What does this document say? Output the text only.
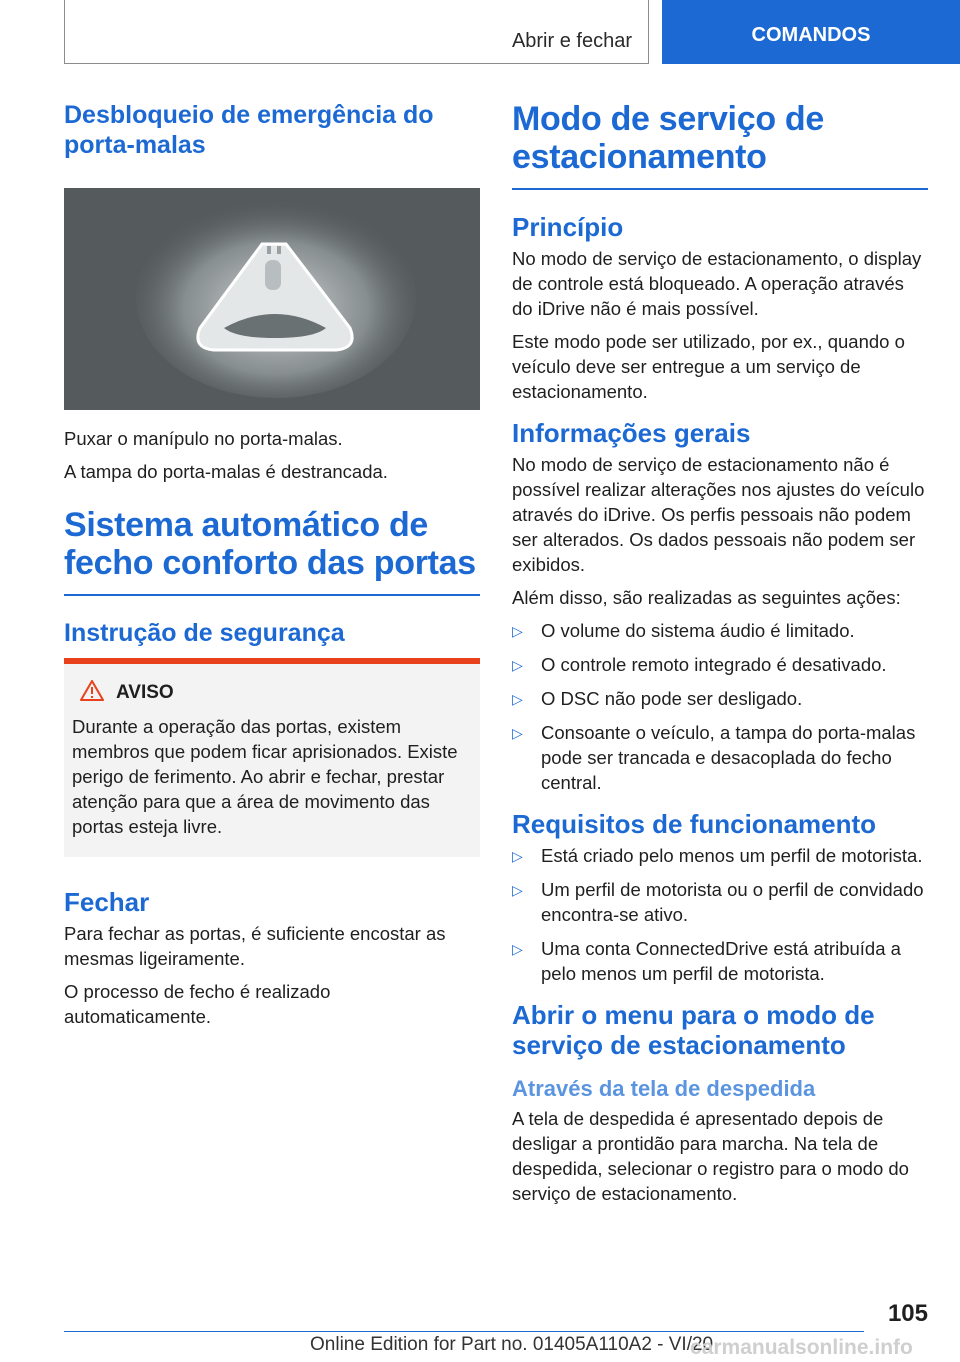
Abrir e fechar	COMANDOS
Desbloqueio de emergência do porta-malas

Puxar o manípulo no porta-malas.

A tampa do porta-malas é destrancada.

Sistema automático de fecho conforto das portas
Instrução de segurança
AVISO

Durante a operação das portas, existem membros que podem ficar aprisionados. Existe perigo de ferimento. Ao abrir e fechar, prestar atenção para que a área de movimento das portas esteja livre.

Fechar

Para fechar as portas, é suficiente encostar as mesmas ligeiramente.

O processo de fecho é realizado automaticamente.

Modo de serviço de estacionamento
Princípio

No modo de serviço de estacionamento, o display de controle está bloqueado. A operação através do iDrive não é mais possível.

Este modo pode ser utilizado, por ex., quando o veículo deve ser entregue a um serviço de estacionamento.

Informações gerais

No modo de serviço de estacionamento não é possível realizar alterações nos ajustes do veículo através do iDrive. Os perfis pessoais não podem ser alterados. Os dados pessoais não podem ser exibidos.

Além disso, são realizadas as seguintes ações:

▷ O volume do sistema áudio é limitado.
▷ O controle remoto integrado é desativado.
▷ O DSC não pode ser desligado.
▷ Consoante o veículo, a tampa do porta-malas pode ser trancada e desacoplada do fecho central.
Requisitos de funcionamento
▷ Está criado pelo menos um perfil de motorista.
▷ Um perfil de motorista ou o perfil de convidado encontra-se ativo.
▷ Uma conta ConnectedDrive está atribuída a pelo menos um perfil de motorista.
Abrir o menu para o modo de serviço de estacionamento
Através da tela de despedida

A tela de despedida é apresentado depois de desligar a prontidão para marcha. Na tela de despedida, selecionar o registro para o modo do serviço de estacionamento.

105
Online Edition for Part no. 01405A110A2 - VI/20
carmanualsonline.info
